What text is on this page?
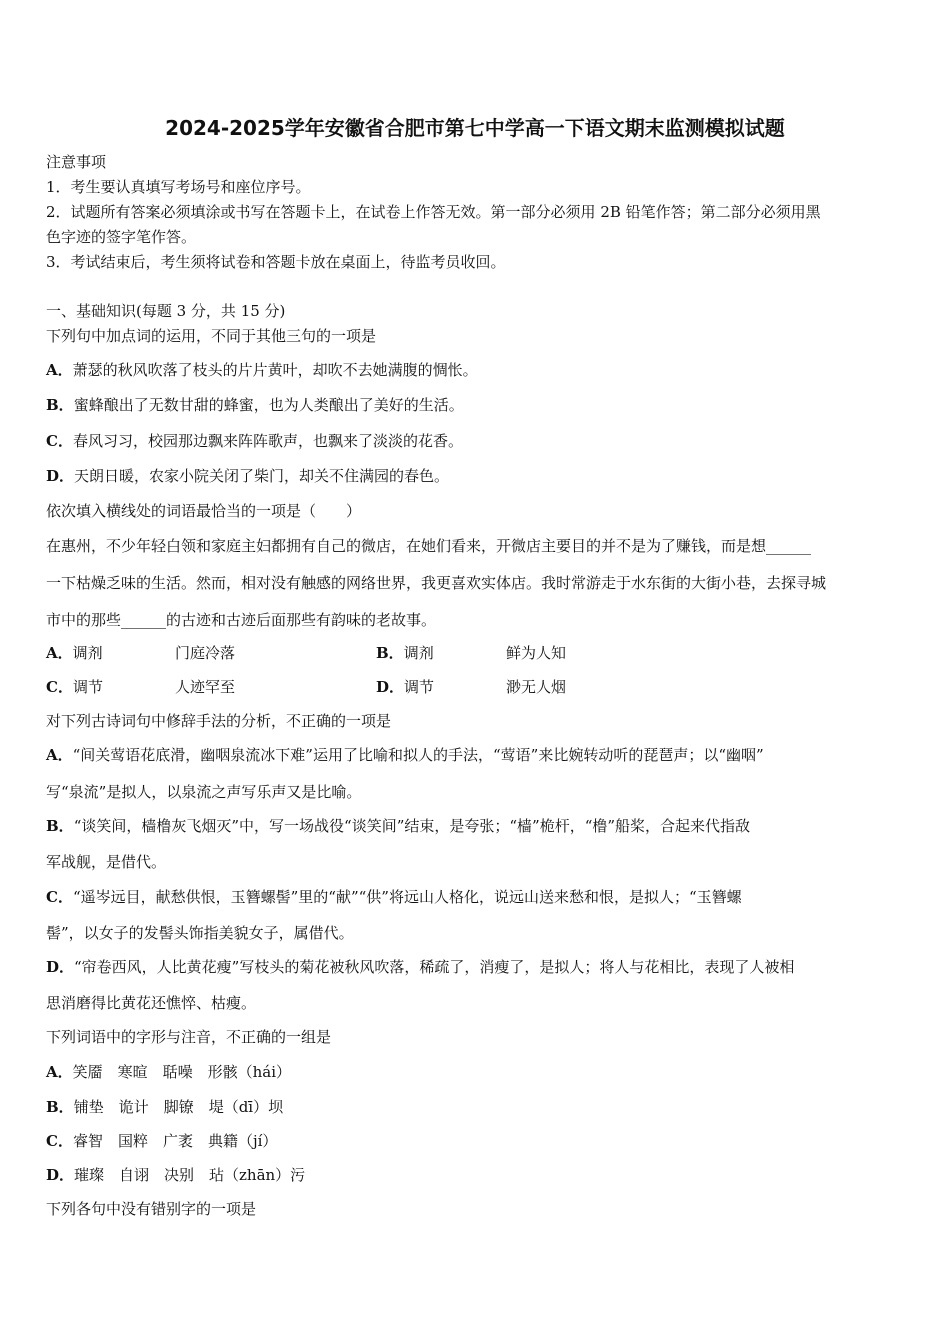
2024-2025学年安徽省合肥市第七中学高一下语文期末监测模拟试题
注意事项
1．考生要认真填写考场号和座位序号。
2．试题所有答案必须填涂或书写在答题卡上，在试卷上作答无效。第一部分必须用 2B 铅笔作答；第二部分必须用黑
色字迹的签字笔作答。
3．考试结束后，考生须将试卷和答题卡放在桌面上，待监考员收回。
一、基础知识(每题 3 分，共 15 分)
下列句中加点词的运用，不同于其他三句的一项是
A．萧瑟的秋风吹落了枝头的片片黄叶，却吹不去她满腹的惆怅。
B．蜜蜂酿出了无数甘甜的蜂蜜，也为人类酿出了美好的生活。
C．春风习习，校园那边飘来阵阵歌声，也飘来了淡淡的花香。
D．天朗日暖，农家小院关闭了柴门，却关不住满园的春色。
依次填入横线处的词语最恰当的一项是（　　）
在惠州，不少年轻白领和家庭主妇都拥有自己的微店，在她们看来，开微店主要目的并不是为了赚钱，而是想______
一下枯燥乏味的生活。然而，相对没有触感的网络世界，我更喜欢实体店。我时常游走于水东街的大街小巷，去探寻城
市中的那些______的古迹和古迹后面那些有韵味的老故事。
A．调剂	门庭冷落	B．调剂	鲜为人知
C．调节	人迹罕至	D．调节	渺无人烟
对下列古诗词句中修辞手法的分析，不正确的一项是
A．“间关莺语花底滑，幽咽泉流冰下难”运用了比喻和拟人的手法，“莺语”来比婉转动听的琵琶声；以“幽咽”
写“泉流”是拟人，以泉流之声写乐声又是比喻。
B．“谈笑间，樯橹灰飞烟灭”中，写一场战役“谈笑间”结束，是夸张；“樯”桅杆，“橹”船桨，合起来代指敌
军战舰，是借代。
C．“遥岑远目，献愁供恨，玉簪螺髻”里的“献”“供”将远山人格化，说远山送来愁和恨，是拟人；“玉簪螺
髻”，以女子的发髻头饰指美貌女子，属借代。
D．“帘卷西风，人比黄花瘦”写枝头的菊花被秋风吹落，稀疏了，消瘦了，是拟人；将人与花相比，表现了人被相
思消磨得比黄花还憔悴、枯瘦。
下列词语中的字形与注音，不正确的一组是
A．笑靥　寒暄　聒噪　形骸（hái）
B．铺垫　诡计　脚镣　堤（dī）坝
C．睿智　国粹　广袤　典籍（jí）
D．璀璨　自诩　决别　玷（zhān）污
下列各句中没有错别字的一项是
